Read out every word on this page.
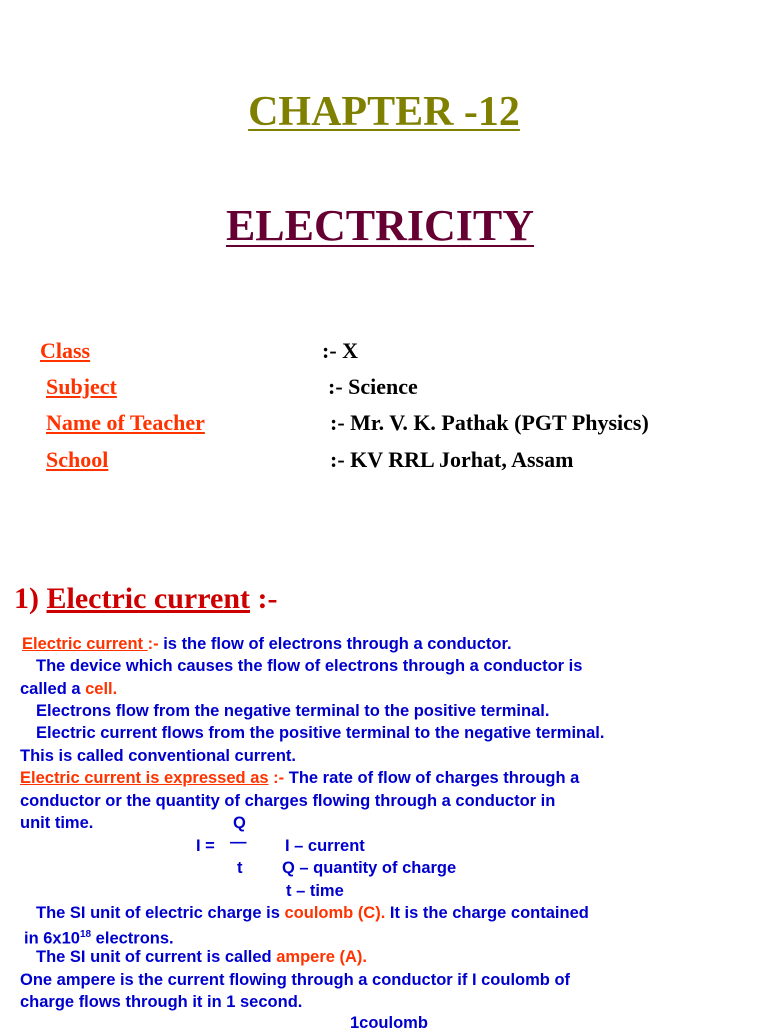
CHAPTER -12
ELECTRICITY
Class	:- X
Subject	:- Science
Name of Teacher	:- Mr. V. K. Pathak (PGT Physics)
School	:- KV RRL Jorhat, Assam
1) Electric current :-
Electric current :- is the flow of electrons through a conductor.
The device which causes the flow of electrons through a conductor is
called a cell.
Electrons flow from the negative terminal to the positive terminal.
Electric current flows from the positive terminal to the negative terminal.
This is called conventional current.
Electric current is expressed as :- The rate of flow of charges through a
conductor or the quantity of charges flowing through a conductor in
unit time.	Q
I = — I – current
t Q – quantity of charge
t – time
The SI unit of electric charge is coulomb (C). It is the charge contained
in $6x10^{18}$ electrons.
The SI unit of current is called ampere (A).
One ampere is the current flowing through a conductor if I coulomb of
charge flows through it in 1 second.
1coulomb
